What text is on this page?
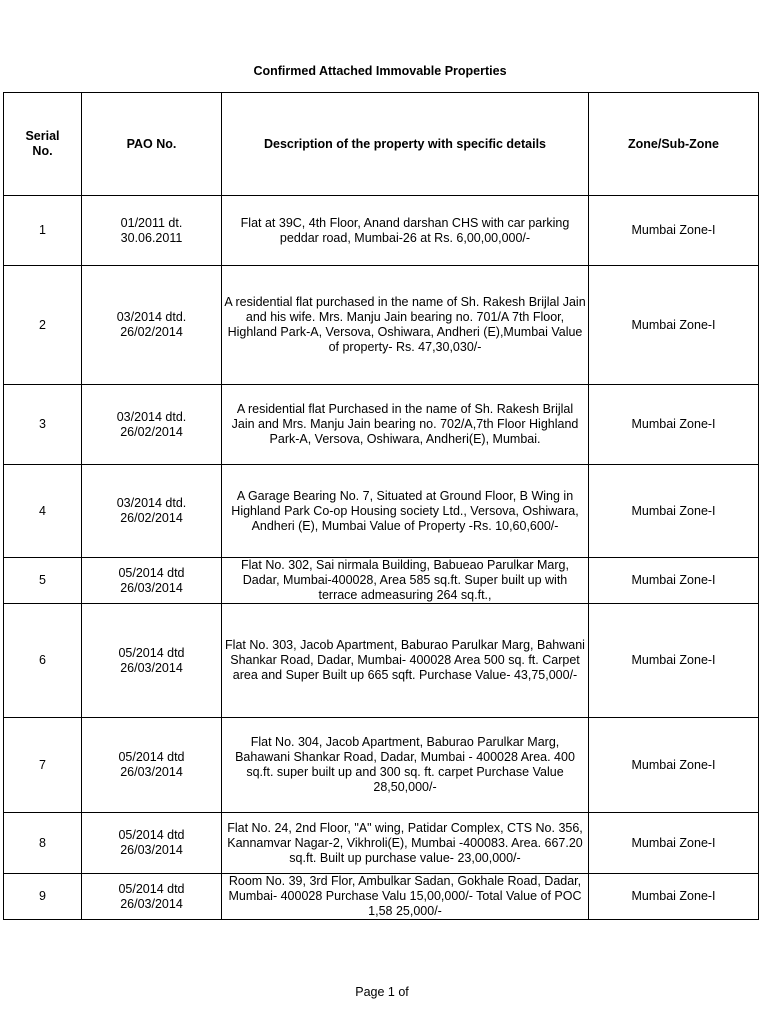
Confirmed Attached Immovable Properties
Serial No.	PAO No.	Description of the property with specific details	Zone/Sub-Zone
1	01/2011 dt. 30.06.2011	Flat at 39C, 4th Floor, Anand darshan CHS with car parking peddar road, Mumbai-26 at Rs. 6,00,00,000/-	Mumbai Zone-I
2	03/2014 dtd. 26/02/2014	A residential flat purchased in the name of Sh. Rakesh Brijlal Jain and his wife. Mrs. Manju Jain bearing no. 701/A 7th Floor, Highland Park-A, Versova, Oshiwara, Andheri (E),Mumbai Value of property- Rs. 47,30,030/-	Mumbai Zone-I
3	03/2014 dtd. 26/02/2014	A residential flat Purchased in the name of Sh. Rakesh Brijlal Jain and Mrs. Manju Jain bearing no. 702/A,7th Floor Highland Park-A, Versova, Oshiwara, Andheri(E), Mumbai.	Mumbai Zone-I
4	03/2014 dtd. 26/02/2014	A Garage Bearing No. 7, Situated at Ground Floor, B Wing in Highland Park Co-op Housing society Ltd., Versova, Oshiwara, Andheri (E), Mumbai Value of Property -Rs. 10,60,600/-	Mumbai Zone-I
5	05/2014 dtd 26/03/2014	Flat No. 302, Sai nirmala Building, Babueao Parulkar Marg, Dadar, Mumbai-400028, Area 585 sq.ft. Super built up with terrace admeasuring 264 sq.ft.,	Mumbai Zone-I
6	05/2014 dtd 26/03/2014	Flat No. 303, Jacob Apartment, Baburao Parulkar Marg, Bahwani Shankar Road, Dadar, Mumbai- 400028 Area 500 sq. ft. Carpet area and Super Built up 665 sqft. Purchase Value- 43,75,000/-	Mumbai Zone-I
7	05/2014 dtd 26/03/2014	Flat No. 304, Jacob Apartment, Baburao Parulkar Marg, Bahawani Shankar Road, Dadar, Mumbai - 400028 Area. 400 sq.ft. super built up and 300 sq. ft. carpet Purchase Value 28,50,000/-	Mumbai Zone-I
8	05/2014 dtd 26/03/2014	Flat No. 24, 2nd Floor, "A" wing, Patidar Complex, CTS No. 356, Kannamvar Nagar-2, Vikhroli(E), Mumbai -400083. Area. 667.20 sq.ft. Built up purchase value- 23,00,000/-	Mumbai Zone-I
9	05/2014 dtd 26/03/2014	Room No. 39, 3rd Flor, Ambulkar Sadan, Gokhale Road, Dadar, Mumbai- 400028 Purchase Valu 15,00,000/- Total Value of POC 1,58 25,000/-	Mumbai Zone-I
Page 1 of
